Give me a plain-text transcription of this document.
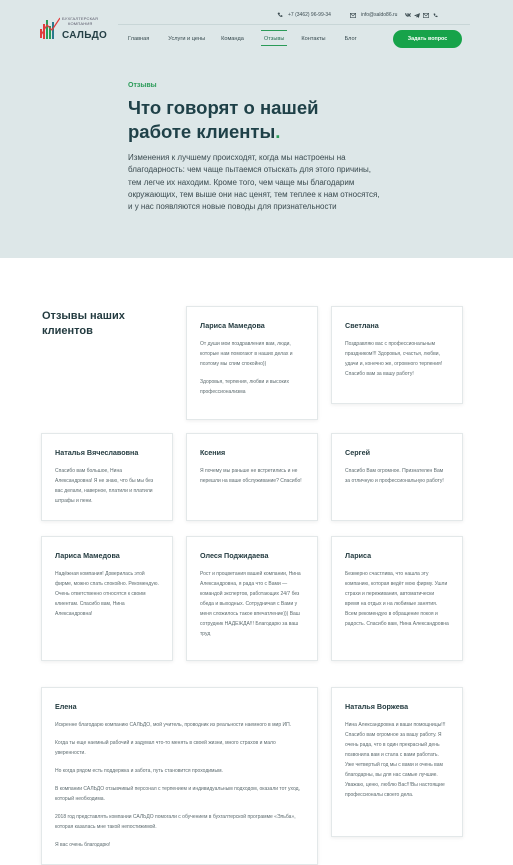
БУХГАЛТЕРСКАЯ
КОМПАНИЯ
САЛЬДО
+7 (3462) 96-99-34	info@saldo86.ru
Главная	Услуги и цены	Команда	Отзывы	Контакты	Блог	Задать вопрос
Отзывы
Что говорят о нашей работе клиенты.

Изменения к лучшему происходят, когда мы настроены на благодарность: чем чаще пытаемся отыскать для этого причины, тем легче их находим. Кроме того, чем чаще мы благодарим окружающих, тем выше они нас ценят, тем теплее к нам относятся, и у нас появляются новые поводы для признательности

Отзывы наших клиентов	Лариса Мамедова

От души мои поздравления вам, люди, которые нам помогают в наших делах и поэтому мы спим спокойно))

Здоровья, терпения, любви и высоких профессионализма

Светлана

Поздравляю вас с профессиональным праздником!!! Здоровья, счастья, любви, удачи и, конечно же, огромного терпения! Спасибо вам за вашу работу!

Наталья Вячеславовна

Спасибо вам большое, Нина Александровна! Я не знаю, что бы мы без вас делали, наверное, платили и платили штрафы и пени.

Ксения

Я почему мы раньше не встретились и не перешли на ваше обслуживание? Спасибо!

Сергей

Спасибо Вам огромное. Признателен Вам за отличную и профессиональную работу!

Лариса Мамедова

Надёжная компания! Доверилась этой фирме, можно спать спокойно. Рекомендую. Очень ответственно относятся к своим клиентам. Спасибо вам, Нина Александровна!

Олеся Поджидаева

Рост и процветания вашей компании, Нина Александровна, я рада что с Вами — командой экспертов, работающих 24/7 без обеда и выходных. Сотрудничая с Вами у меня сложилось такое впечатление))) Ваш сотрудник НАДЕЖДА!!! Благодарю за ваш труд

Лариса

Безмерно счастлива, что нашла эту компанию, которая ведёт мою фирму. Ушли страхи и переживания, автоматически время на отдых и на любимые занятия. Всем рекомендую в обращение покоя и радость. Спасибо вам, Нина Александровна

Елена

Искренне благодарю компанию САЛЬДО, мой учитель, проводник из реальности наемного в мир ИП.

Когда ты еще наемный рабочий и задумал что-то менять в своей жизни, много страхов и мало уверенности.

Но когда рядом есть поддержка и забота, путь становится проходимым.

В компании САЛЬДО отзывчивый персонал с терпением и индивидуальным подходом, оказали тот уход, который необходима.

2018 год представлять компании САЛЬДО помогали с обучением в бухгалтерской программе «Эльба», которая казалась мне такой непостижимой.

Я вас очень благодарю!

Наталья Воржева

Нина Александровна и ваши помощницы!!! Спасибо вам огромное за вашу работу. Я очень рада, что в один прекрасный день позвонила вам и стала с вами работать. Уже четвертый год мы с вами и очень вам благодарны, вы для нас самые лучшие. Уважаю, ценю, люблю Вас!!!Вы настоящие профессионалы своего дела.
